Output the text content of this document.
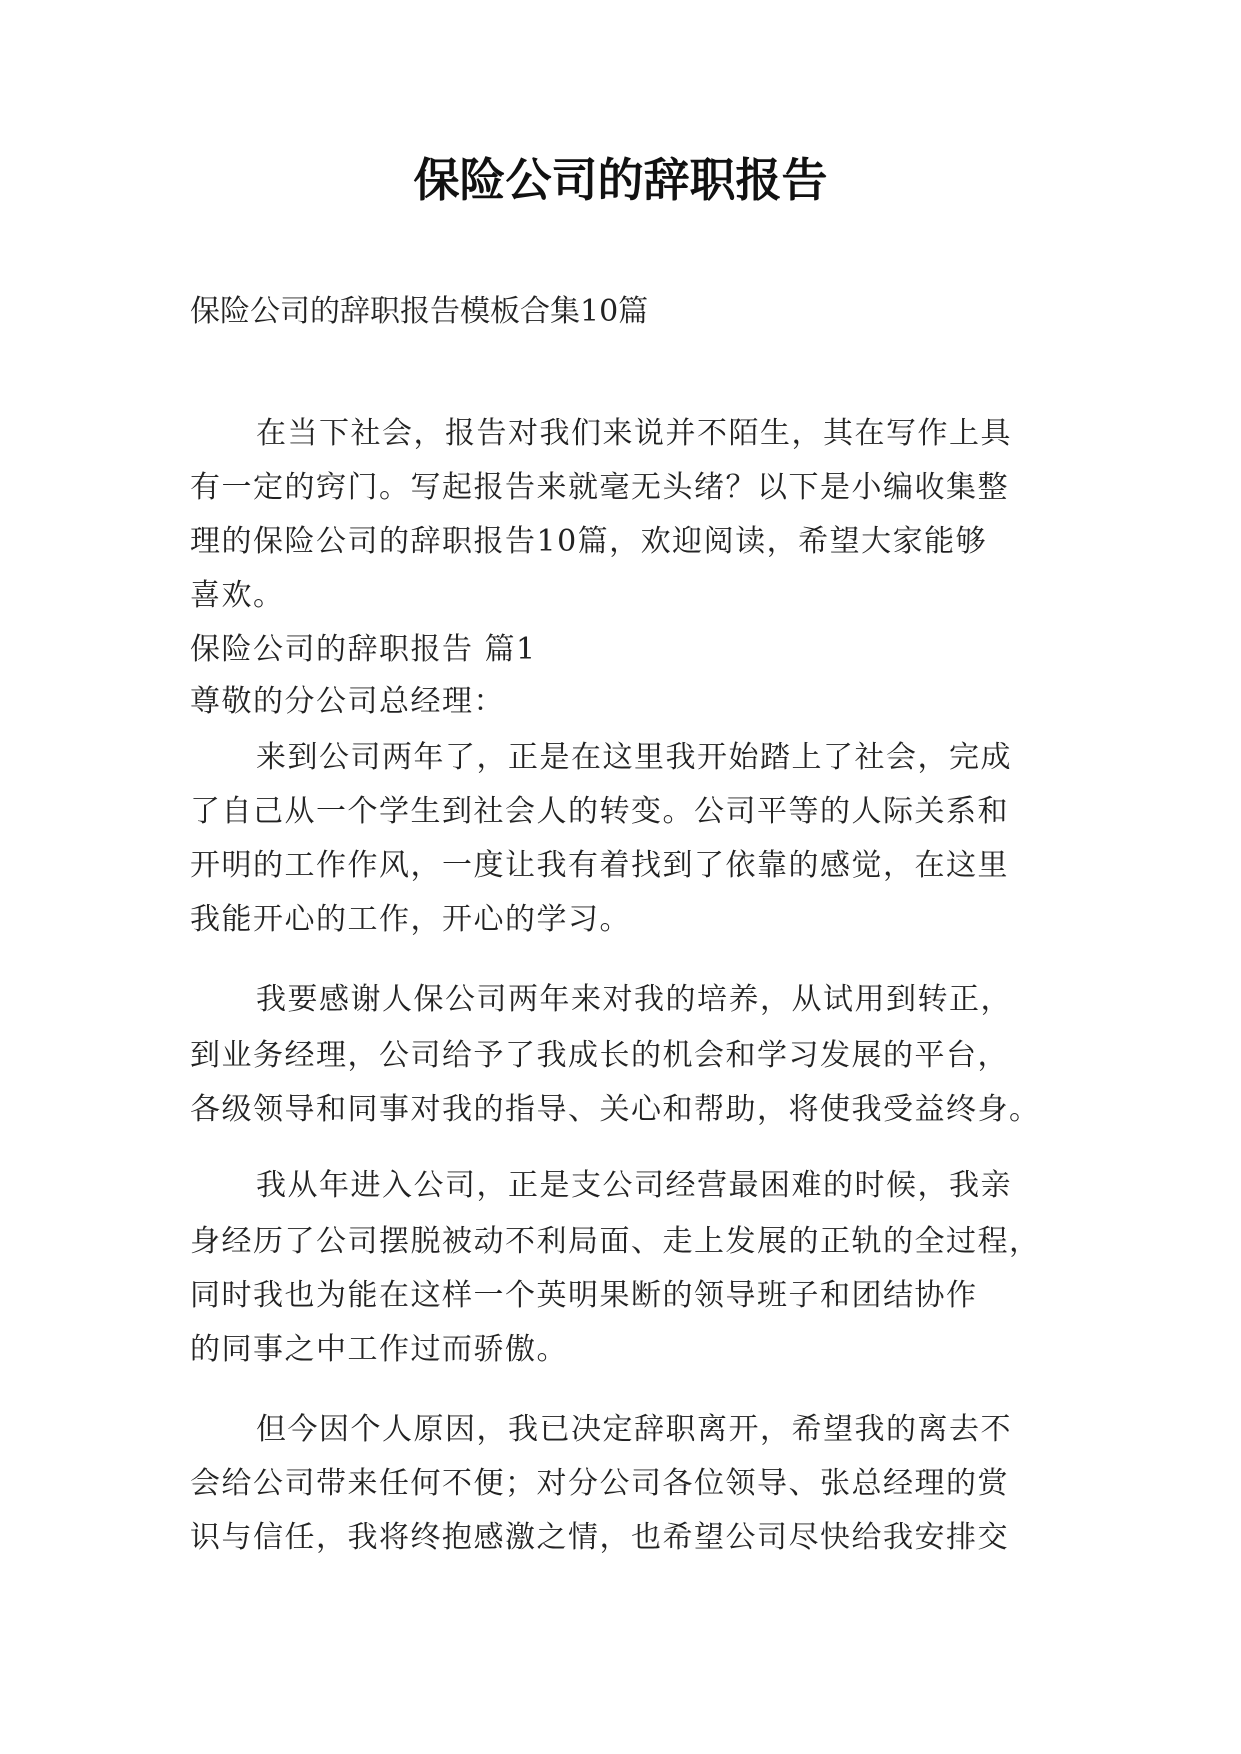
保险公司的辞职报告
保险公司的辞职报告模板合集10篇
在当下社会，报告对我们来说并不陌生，其在写作上具
有一定的窍门。写起报告来就毫无头绪？以下是小编收集整
理的保险公司的辞职报告10篇，欢迎阅读，希望大家能够
喜欢。
保险公司的辞职报告 篇1
尊敬的分公司总经理：
来到公司两年了，正是在这里我开始踏上了社会，完成
了自己从一个学生到社会人的转变。公司平等的人际关系和
开明的工作作风，一度让我有着找到了依靠的感觉，在这里
我能开心的工作，开心的学习。
我要感谢人保公司两年来对我的培养，从试用到转正，
到业务经理，公司给予了我成长的机会和学习发展的平台，
各级领导和同事对我的指导、关心和帮助，将使我受益终身。
我从年进入公司，正是支公司经营最困难的时候，我亲
身经历了公司摆脱被动不利局面、走上发展的正轨的全过程，
同时我也为能在这样一个英明果断的领导班子和团结协作
的同事之中工作过而骄傲。
但今因个人原因，我已决定辞职离开，希望我的离去不
会给公司带来任何不便；对分公司各位领导、张总经理的赏
识与信任，我将终抱感激之情，也希望公司尽快给我安排交
